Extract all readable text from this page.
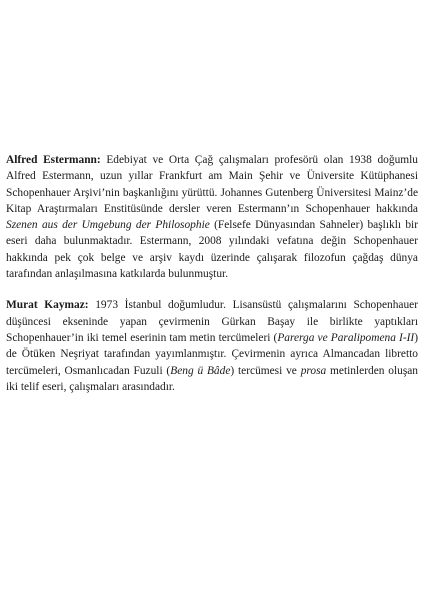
Alfred Estermann: Edebiyat ve Orta Çağ çalışmaları profesörü olan 1938 doğumlu Alfred Estermann, uzun yıllar Frankfurt am Main Şehir ve Üniversite Kütüphanesi Schopenhauer Arşivi’nin başkanlığını yürüttü. Johannes Gutenberg Üniversitesi Mainz’de Kitap Araştırmaları Enstitüsünde dersler veren Estermann’ın Schopenhauer hakkında Szenen aus der Umgebung der Philosophie (Felsefe Dünyasından Sahneler) başlıklı bir eseri daha bulunmaktadır. Estermann, 2008 yılındaki vefatına değin Schopenhauer hakkında pek çok belge ve arşiv kaydı üzerinde çalışarak filozofun çağdaş dünya tarafından anlaşılmasına katkılarda bulunmuştur.

Murat Kaymaz: 1973 İstanbul doğumludur. Lisansüstü çalışmalarını Schopenhauer düşüncesi ekseninde yapan çevirmenin Gürkan Başay ile birlikte yaptıkları Schopenhauer’in iki temel eserinin tam metin tercümeleri (Parerga ve Paralipomena I-II) de Ötüken Neşriyat tarafından yayımlanmıştır. Çevirmenin ayrıca Almancadan libretto tercümeleri, Osmanlıcadan Fuzuli (Beng ü Bâde) tercümesi ve prosa metinlerden oluşan iki telif eseri, çalışmaları arasındadır.
